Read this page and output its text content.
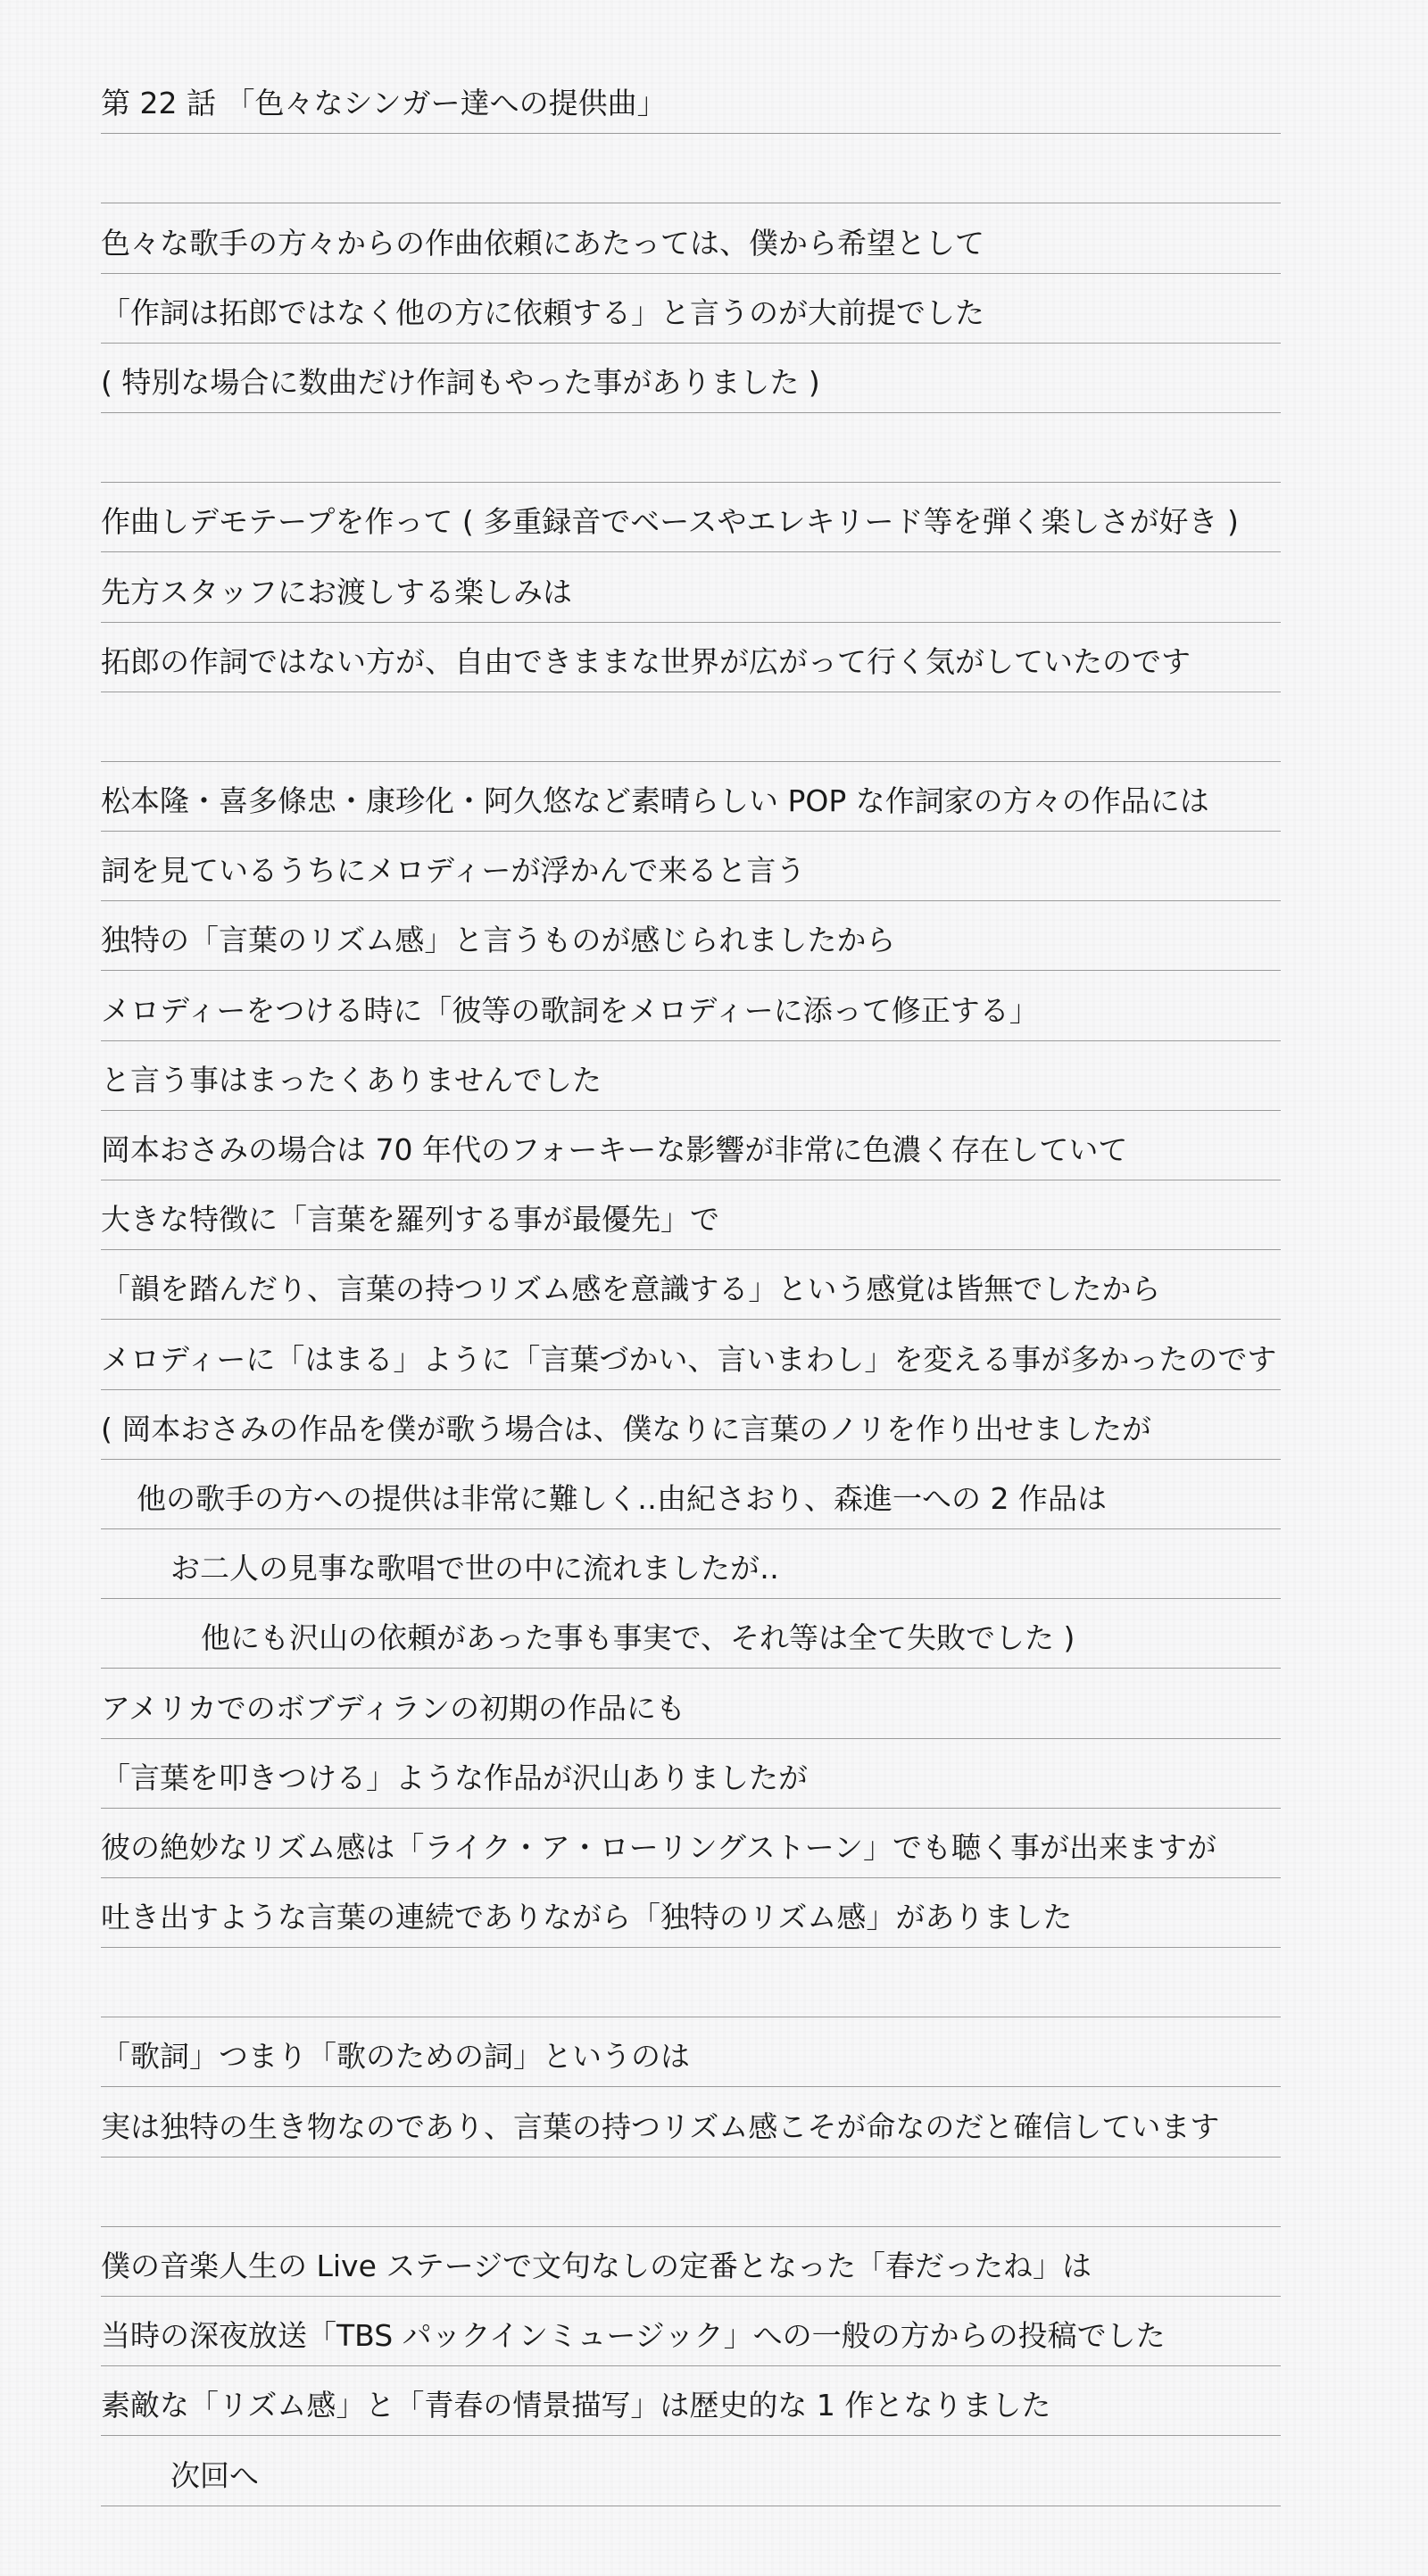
第 22 話 「色々なシンガー達への提供曲」
色々な歌手の方々からの作曲依頼にあたっては、僕から希望として
「作詞は拓郎ではなく他の方に依頼する」と言うのが大前提でした
( 特別な場合に数曲だけ作詞もやった事がありました )
作曲しデモテープを作って ( 多重録音でベースやエレキリード等を弾く楽しさが好き )
先方スタッフにお渡しする楽しみは
拓郎の作詞ではない方が、自由できままな世界が広がって行く気がしていたのです
松本隆・喜多條忠・康珍化・阿久悠など素晴らしい POP な作詞家の方々の作品には
詞を見ているうちにメロディーが浮かんで来ると言う
独特の「言葉のリズム感」と言うものが感じられましたから
メロディーをつける時に「彼等の歌詞をメロディーに添って修正する」
と言う事はまったくありませんでした
岡本おさみの場合は 70 年代のフォーキーな影響が非常に色濃く存在していて
大きな特徴に「言葉を羅列する事が最優先」で
「韻を踏んだり、言葉の持つリズム感を意識する」という感覚は皆無でしたから
メロディーに「はまる」ように「言葉づかい、言いまわし」を変える事が多かったのです
( 岡本おさみの作品を僕が歌う場合は、僕なりに言葉のノリを作り出せましたが
他の歌手の方への提供は非常に難しく‥由紀さおり、森進一への 2 作品は
お二人の見事な歌唱で世の中に流れましたが‥
他にも沢山の依頼があった事も事実で、それ等は全て失敗でした )
アメリカでのボブディランの初期の作品にも
「言葉を叩きつける」ような作品が沢山ありましたが
彼の絶妙なリズム感は「ライク・ア・ローリングストーン」でも聴く事が出来ますが
吐き出すような言葉の連続でありながら「独特のリズム感」がありました
「歌詞」つまり「歌のための詞」というのは
実は独特の生き物なのであり、言葉の持つリズム感こそが命なのだと確信しています
僕の音楽人生の Live ステージで文句なしの定番となった「春だったね」は
当時の深夜放送「TBS パックインミュージック」への一般の方からの投稿でした
素敵な「リズム感」と「青春の情景描写」は歴史的な 1 作となりました
次回へ
